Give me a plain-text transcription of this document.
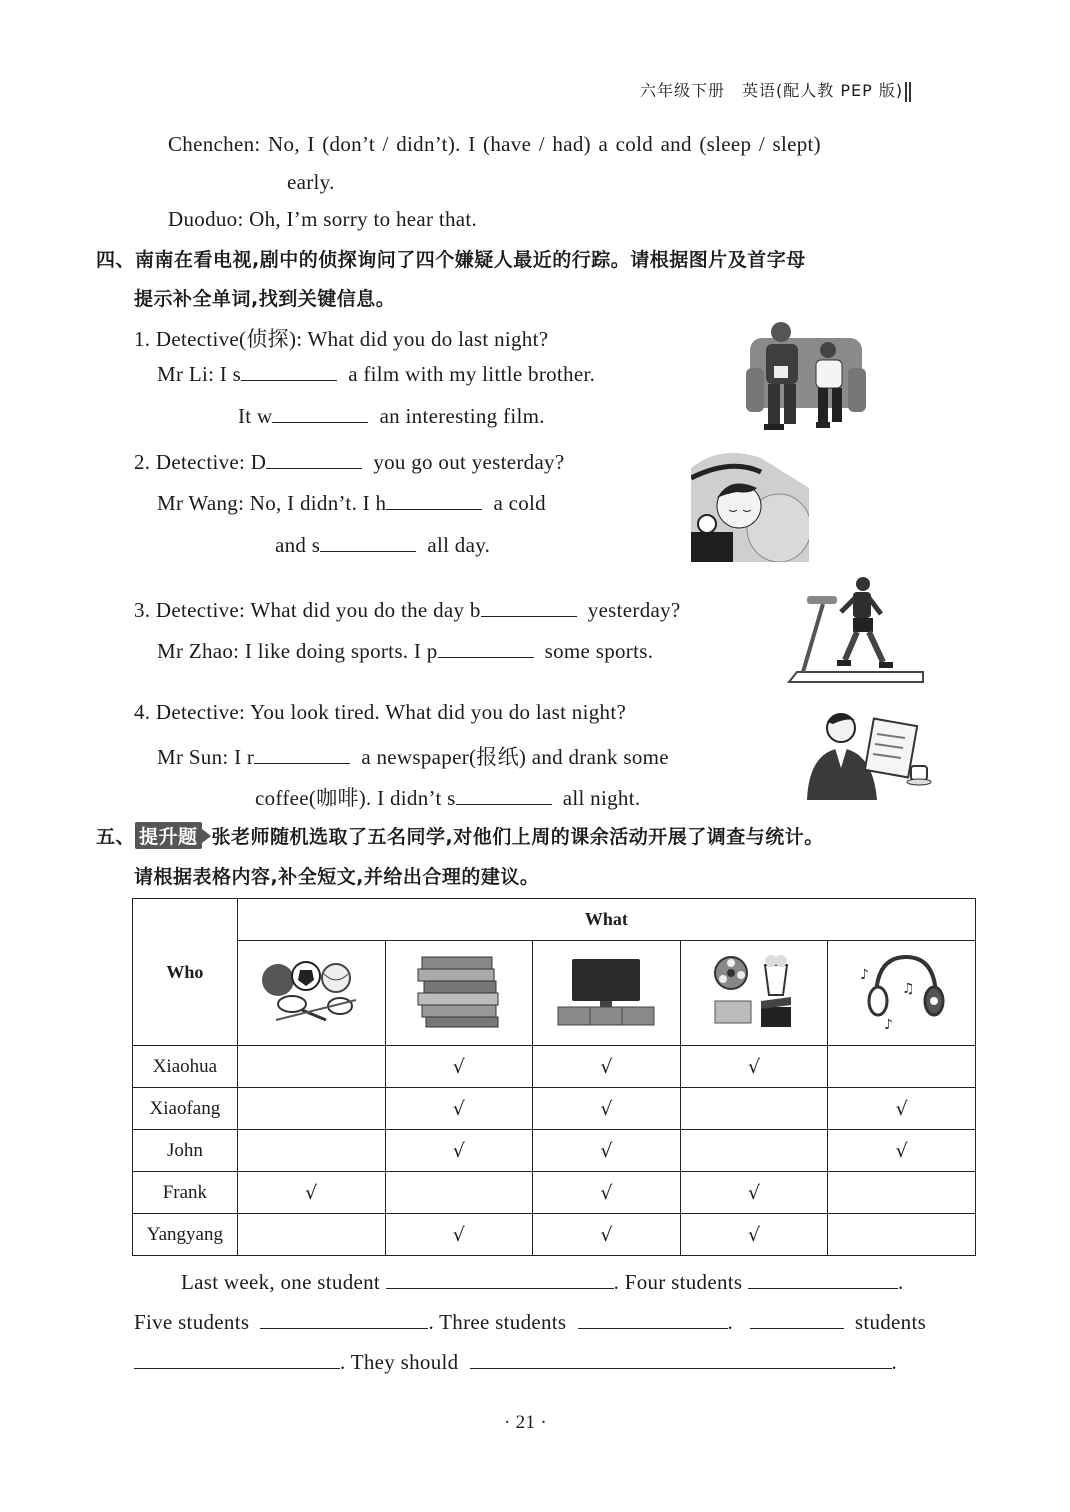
六年级下册　英语(配人教 PEP 版)
Chenchen: No, I (don’t / didn’t). I (have / had) a cold and (sleep / slept)
early.
Duoduo: Oh, I’m sorry to hear that.
四、南南在看电视,剧中的侦探询问了四个嫌疑人最近的行踪。请根据图片及首字母
提示补全单词,找到关键信息。
1. Detective(侦探): What did you do last night?
Mr Li: I s	a film with my little brother.
It w	an interesting film.
2. Detective: D	you go out yesterday?
Mr Wang: No, I didn’t. I h	a cold
and s	all day.
3. Detective: What did you do the day b	yesterday?
Mr Zhao: I like doing sports. I p	some sports.
4. Detective: You look tired. What did you do last night?
Mr Sun: I r	a newspaper(报纸) and drank some
coffee(咖啡). I didn’t s	all night.
五、 提升题 张老师随机选取了五名同学,对他们上周的课余活动开展了调查与统计。
请根据表格内容,补全短文,并给出合理的建议。
Who	What				

♪
♫
♪

Xiaohua		√	√	√	
Xiaofang		√	√		√
John		√	√		√
Frank	√		√	√	
Yangyang		√	√	√	
Last week, one student	. Four students	.
Five students	. Three students	.	students
. They should	.
· 21 ·
